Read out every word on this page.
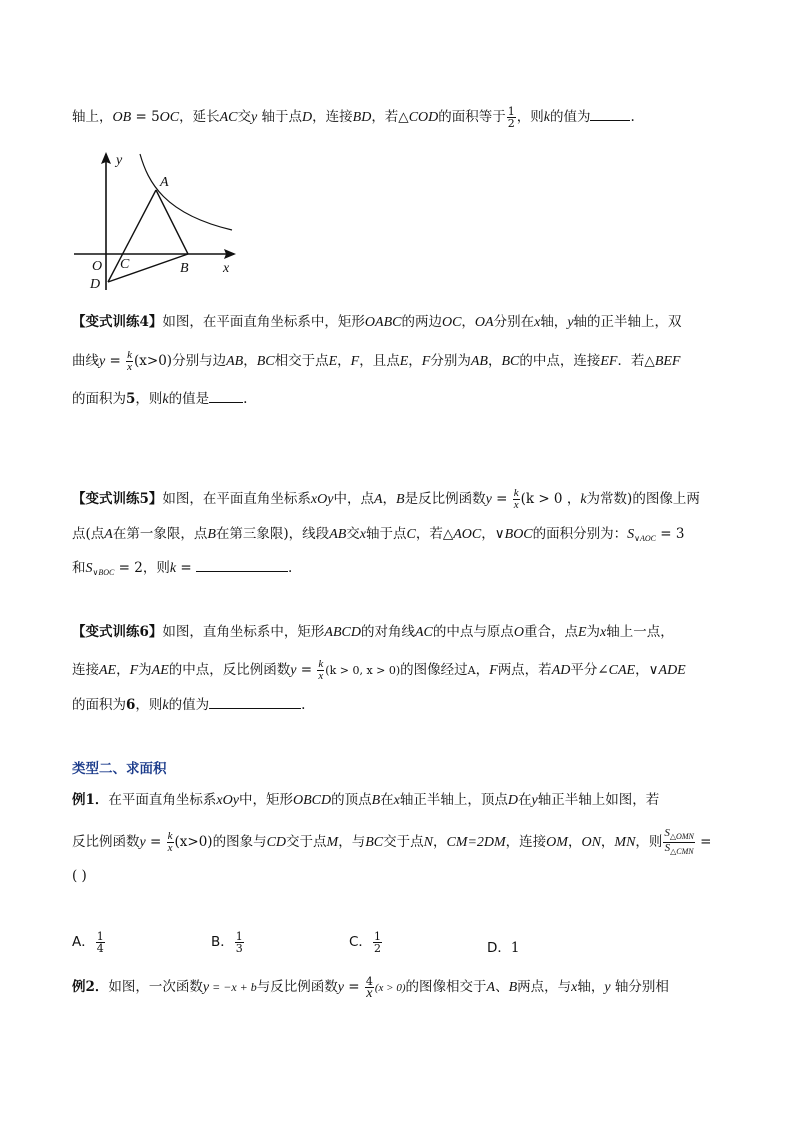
轴上，OB = 5OC，延长AC交y 轴于点D，连接BD，若△COD的面积等于 $\frac{1}{2}$ ，则k的值为	.
y
x
A
O C	B
D
【变式训练4】如图，在平面直角坐标系中，矩形OABC的两边OC，OA分别在x轴，y轴的正半轴上，双
曲线$y = \frac{k}{x} (x>0)$分别与边AB，BC相交于点E，F，且点E，F分别为AB，BC的中点，连接EF．若△BEF
的面积为5，则k的值是	.
【变式训练5】如图，在平面直角坐标系xOy中，点A，B是反比例函数$y = \frac{k}{x} (k > 0$ ，k为常数)的图像上两
点(点A在第一象限，点B在第三象限)，线段AB交x轴于点C，若△AOC，∨BOC的面积分别为：$S_{\vee AOC} = 3$
和$S_{\vee BOC} = 2$，则k =	.
【变式训练6】如图，直角坐标系中，矩形ABCD的对角线AC的中点与原点O重合，点E为x轴上一点，
连接AE，F为AE的中点，反比例函数$y = \frac{k}{x} (k > 0$, x > 0)的图像经过A，F两点，若AD平分∠CAE，∨ADE
的面积为6，则k的值为	.
类型二、求面积
例1．在平面直角坐标系xOy中，矩形OBCD的顶点B在x轴正半轴上，顶点D在y轴正半轴上如图，若
反比例函数$y = \frac{k}{x} (x>0)$的图象与CD交于点M，与BC交于点N，CM=2DM，连接OM，ON，MN，则 $\frac{S_{\triangle OMN}}{S_{\triangle CMN}}$ =
( )
A． $\frac{1}{4}$	B． $\frac{1}{3}$	C． $\frac{1}{2}$	D．1
例2．如图，一次函数y = −x + b与反比例函数$y = \frac{4}{x} (x > 0)$的图像相交于A、B两点，与x轴，y 轴分别相
